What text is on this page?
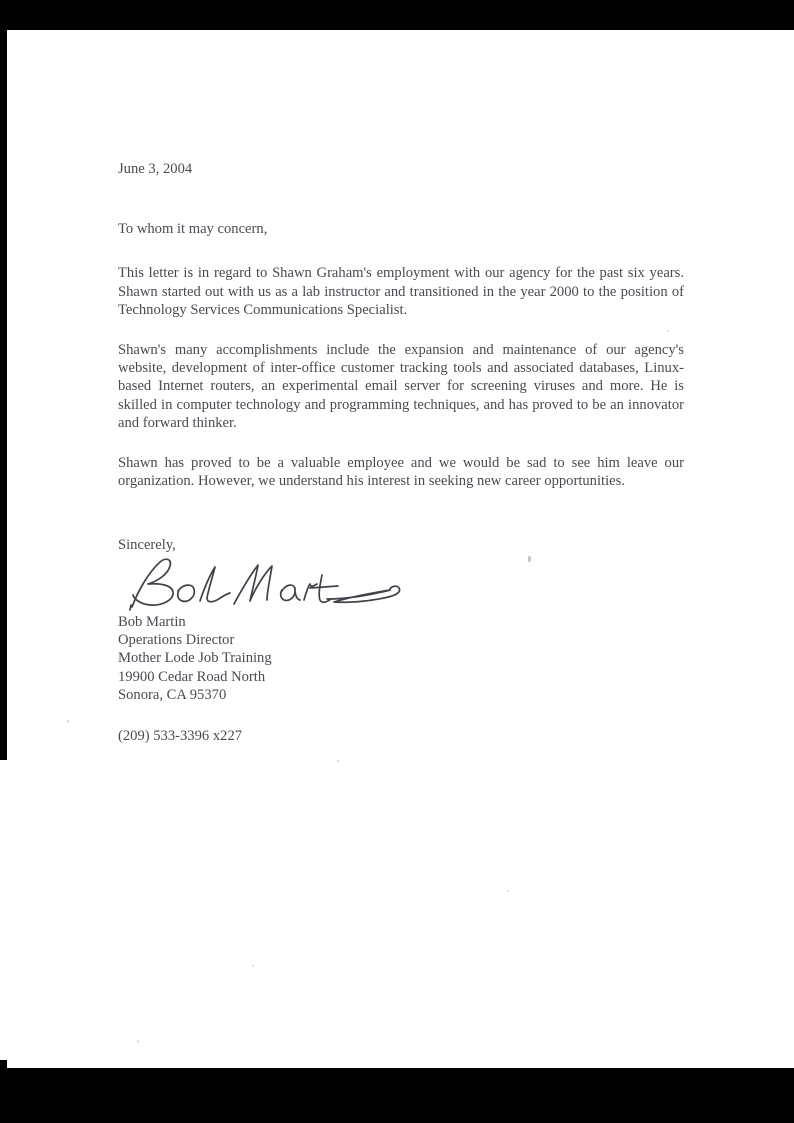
June 3, 2004

To whom it may concern,

This letter is in regard to Shawn Graham's employment with our agency for the past six years. Shawn started out with us as a lab instructor and transitioned in the year 2000 to the position of Technology Services Communications Specialist.

Shawn's many accomplishments include the expansion and maintenance of our agency's website, development of inter-office customer tracking tools and associated databases, Linux-based Internet routers, an experimental email server for screening viruses and more. He is skilled in computer technology and programming techniques, and has proved to be an innovator and forward thinker.

Shawn has proved to be a valuable employee and we would be sad to see him leave our organization. However, we understand his interest in seeking new career opportunities.

Sincerely,

Bob Martin
Operations Director
Mother Lode Job Training
19900 Cedar Road North
Sonora, CA 95370

(209) 533-3396 x227
